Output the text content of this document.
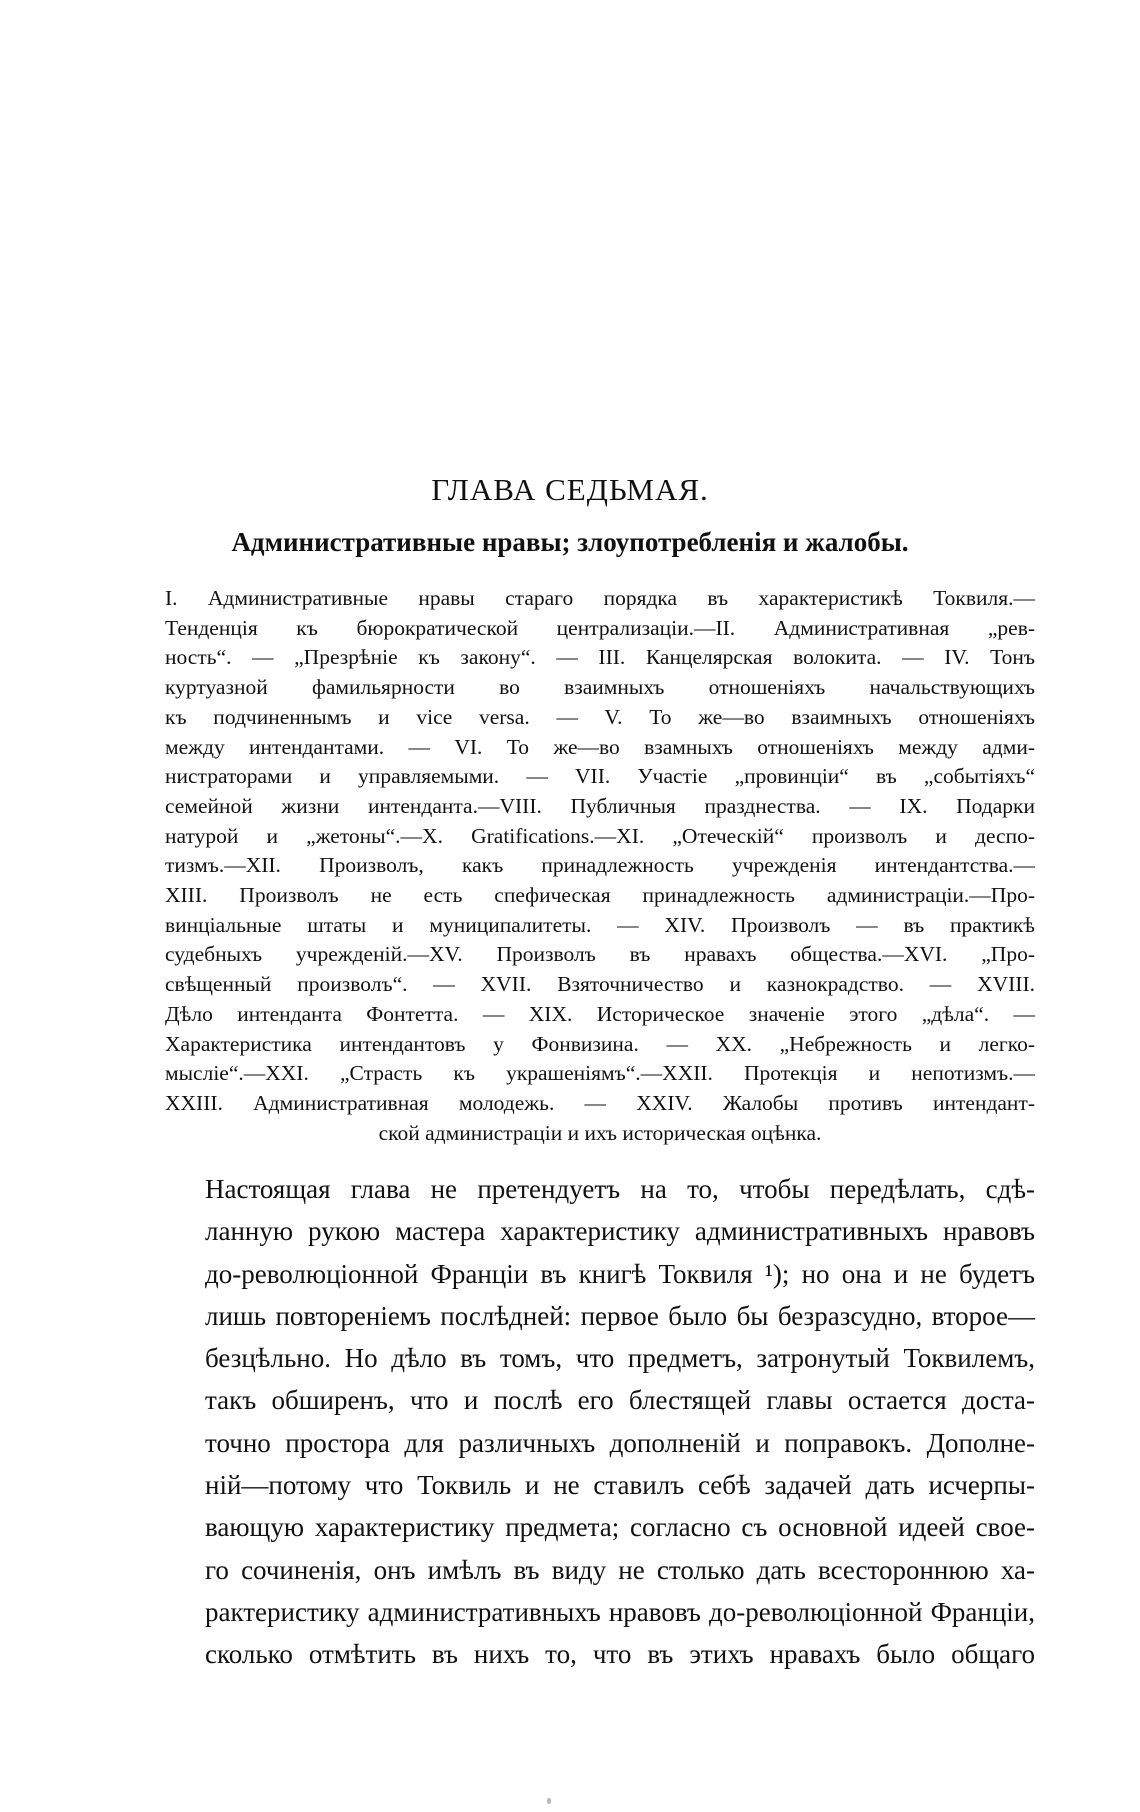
ГЛАВА СЕДЬМАЯ.
Административные нравы; злоупотребленія и жалобы.
I. Административные нравы стараго порядка въ характеристикѣ Токвиля.—
Тенденція къ бюрократической централизаціи.—II. Административная „рев-
ность“. — „Презрѣніе къ закону“. — III. Канцелярская волокита. — IV. Тонъ
куртуазной фамильярности во взаимныхъ отношеніяхъ начальствующихъ
къ подчиненнымъ и vice versa. — V. То же—во взаимныхъ отношеніяхъ
между интендантами. — VI. То же—во взамныхъ отношеніяхъ между адми-
нистраторами и управляемыми. — VII. Участіе „провинціи“ въ „событіяхъ“
семейной жизни интенданта.—VIII. Публичныя празднества. — IX. Подарки
натурой и „жетоны“.—X. Gratifications.—XI. „Отеческій“ произволъ и деспо-
тизмъ.—XII. Произволъ, какъ принадлежность учрежденія интендантства.—
XIII. Произволъ не есть спефическая принадлежность администраціи.—Про-
винціальные штаты и муниципалитеты. — XIV. Произволъ — въ практикѣ
судебныхъ учрежденій.—XV. Произволъ въ нравахъ общества.—XVI. „Про-
свѣщенный произволъ“. — XVII. Взяточничество и казнокрадство. — XVIII.
Дѣло интенданта Фонтетта. — XIX. Историческое значеніе этого „дѣла“. —
Характеристика интендантовъ у Фонвизина. — XX. „Небрежность и легко-
мысліе“.—XXI. „Страсть къ украшеніямъ“.—XXII. Протекція и непотизмъ.—
XXIII. Административная молодежь. — XXIV. Жалобы противъ интендант-
ской администраціи и ихъ историческая оцѣнка.
Настоящая глава не претендуетъ на то, чтобы передѣлать, сдѣ-
ланную рукою мастера характеристику административныхъ нравовъ
до-революціонной Франціи въ книгѣ Токвиля ¹); но она и не будетъ
лишь повтореніемъ послѣдней: первое было бы безразсудно, второе—
безцѣльно. Но дѣло въ томъ, что предметъ, затронутый Токвилемъ,
такъ обширенъ, что и послѣ его блестящей главы остается доста-
точно простора для различныхъ дополненій и поправокъ. Дополне-
ній—потому что Токвиль и не ставилъ себѣ задачей дать исчерпы-
вающую характеристику предмета; согласно съ основной идеей свое-
го сочиненія, онъ имѣлъ въ виду не столько дать всестороннюю ха-
рактеристику административныхъ нравовъ до-революціонной Франціи,
сколько отмѣтить въ нихъ то, что въ этихъ нравахъ было общаго
